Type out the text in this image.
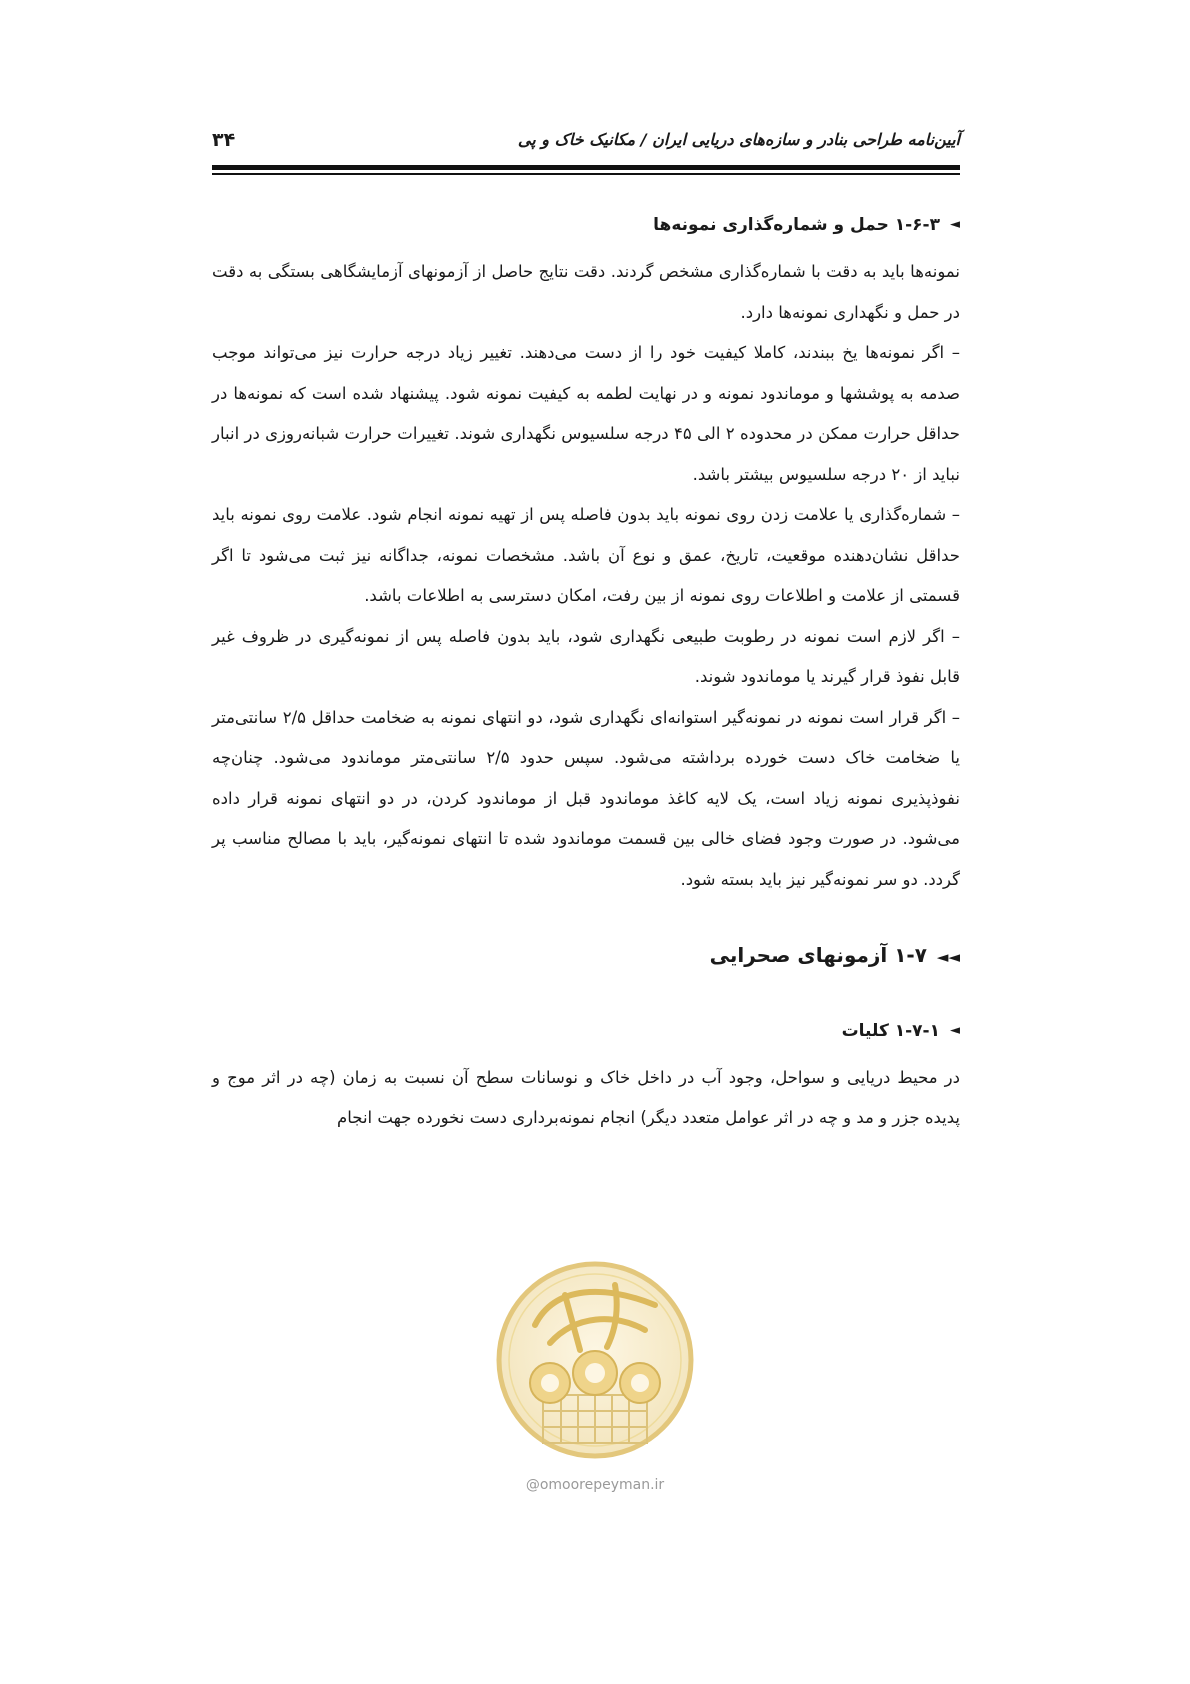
آیین‌نامه طراحی بنادر و سازه‌های دریایی ایران / مکانیک خاک و پی
۳۴
◄۱-۶-۳ حمل و شماره‌گذاری نمونه‌ها

نمونه‌ها باید به دقت با شماره‌گذاری مشخص گردند. دقت نتایج حاصل از آزمونهای آزمایشگاهی بستگی به دقت در حمل و نگهداری نمونه‌ها دارد.

– اگر نمونه‌ها یخ ببندند، کاملا کیفیت خود را از دست می‌دهند. تغییر زیاد درجه حرارت نیز می‌تواند موجب صدمه به پوششها و موماندود نمونه و در نهایت لطمه به کیفیت نمونه شود. پیشنهاد شده است که نمونه‌ها در حداقل حرارت ممکن در محدوده ۲ الی ۴۵ درجه سلسیوس نگهداری شوند. تغییرات حرارت شبانه‌روزی در انبار نباید از ۲۰ درجه سلسیوس بیشتر باشد.

– شماره‌گذاری یا علامت زدن روی نمونه باید بدون فاصله پس از تهیه نمونه انجام شود. علامت روی نمونه باید حداقل نشان‌دهنده موقعیت، تاریخ، عمق و نوع آن باشد. مشخصات نمونه، جداگانه نیز ثبت می‌شود تا اگر قسمتی از علامت و اطلاعات روی نمونه از بین رفت، امکان دسترسی به اطلاعات باشد.

– اگر لازم است نمونه در رطوبت طبیعی نگهداری شود، باید بدون فاصله پس از نمونه‌گیری در ظروف غیر قابل نفوذ قرار گیرند یا موماندود شوند.

– اگر قرار است نمونه در نمونه‌گیر استوانه‌ای نگهداری شود، دو انتهای نمونه به ضخامت حداقل ۲/۵ سانتی‌متر یا ضخامت خاک دست خورده برداشته می‌شود. سپس حدود ۲/۵ سانتی‌متر موماندود می‌شود. چنان‌چه نفوذپذیری نمونه زیاد است، یک لایه کاغذ موماندود قبل از موماندود کردن، در دو انتهای نمونه قرار داده می‌شود. در صورت وجود فضای خالی بین قسمت موماندود شده تا انتهای نمونه‌گیر، باید با مصالح مناسب پر گردد. دو سر نمونه‌گیر نیز باید بسته شود.

◄◄۱-۷ آزمونهای صحرایی
◄۱-۷-۱ کلیات

در محیط دریایی و سواحل، وجود آب در داخل خاک و نوسانات سطح آن نسبت به زمان (چه در اثر موج و پدیده جزر و مد و چه در اثر عوامل متعدد دیگر) انجام نمونه‌برداری دست نخورده جهت انجام

@omoorepeyman.ir
